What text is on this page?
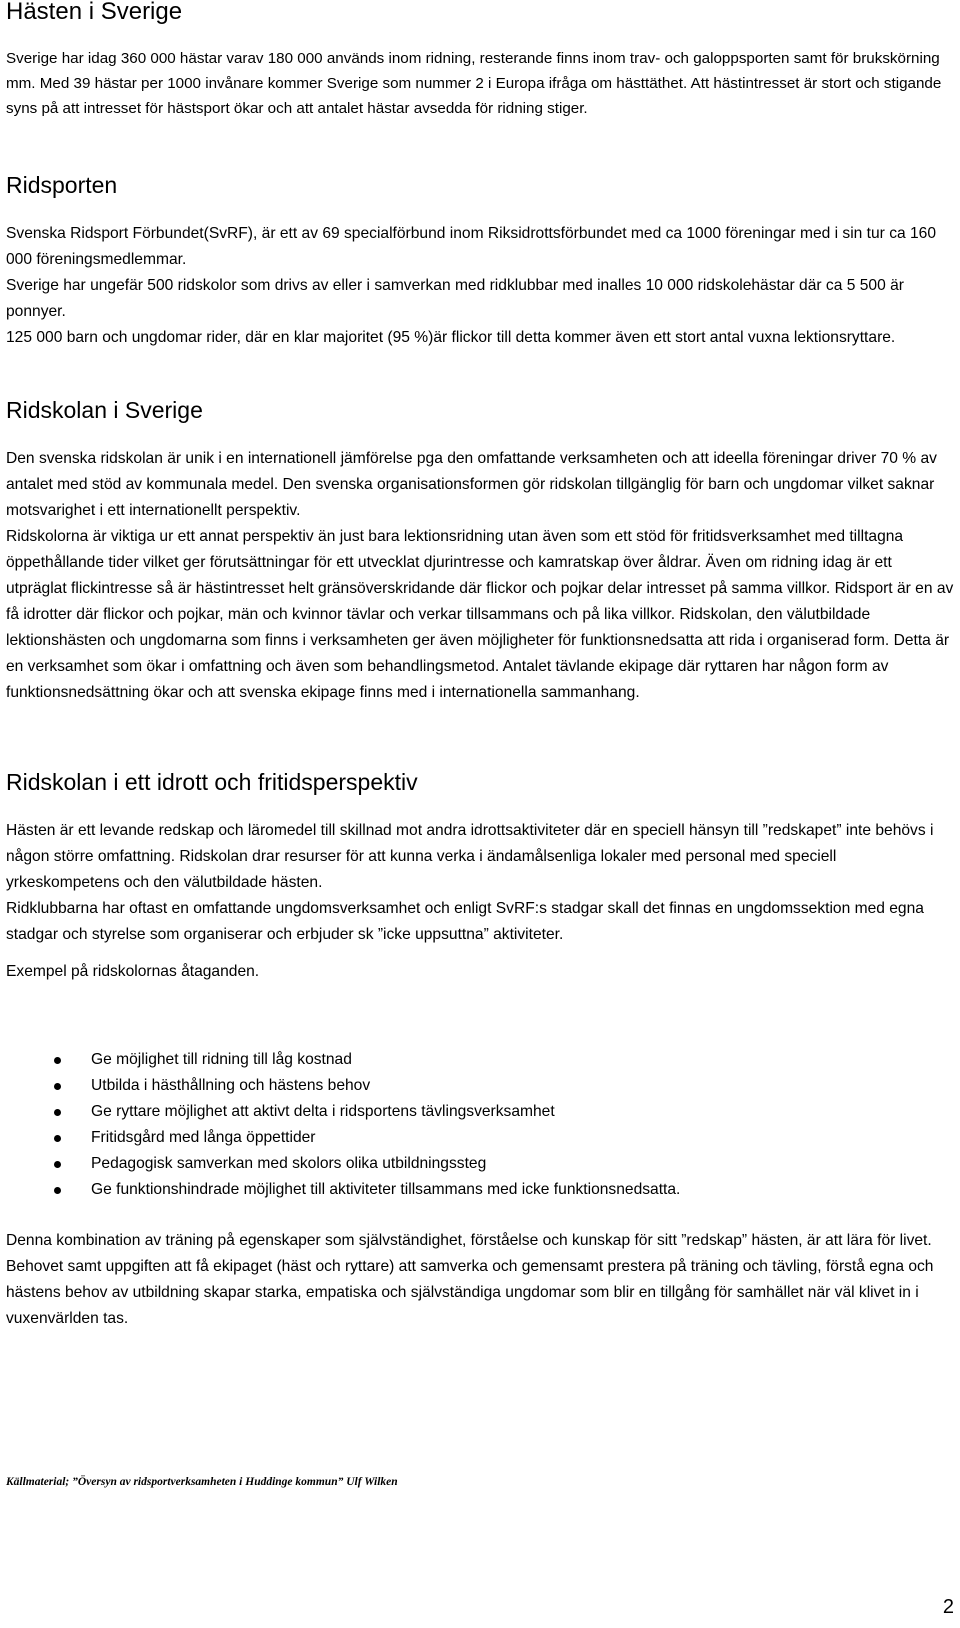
Hästen i Sverige

Sverige har idag 360 000 hästar varav 180 000 används inom ridning, resterande finns inom trav- och galoppsporten samt för brukskörning mm. Med 39 hästar per 1000 invånare kommer Sverige som nummer 2 i Europa ifråga om hästtäthet. Att hästintresset är stort och stigande syns på att intresset för hästsport ökar och att antalet hästar avsedda för ridning stiger.

Ridsporten

Svenska Ridsport Förbundet(SvRF), är ett av 69 specialförbund inom Riksidrottsförbundet med ca 1000 föreningar med i sin tur ca 160 000 föreningsmedlemmar.

Sverige har ungefär 500 ridskolor som drivs av eller i samverkan med ridklubbar med inalles 10 000 ridskolehästar där ca 5 500 är ponnyer.

125 000 barn och ungdomar rider, där en klar majoritet (95 %)är flickor till detta kommer även ett stort antal vuxna lektionsryttare.

Ridskolan i Sverige

Den svenska ridskolan är unik i en internationell jämförelse pga den omfattande verksamheten och att ideella föreningar driver 70 % av antalet med stöd av kommunala medel. Den svenska organisationsformen gör ridskolan tillgänglig för barn och ungdomar vilket saknar motsvarighet i ett internationellt perspektiv.

Ridskolorna är viktiga ur ett annat perspektiv än just bara lektionsridning utan även som ett stöd för fritidsverksamhet med tilltagna öppethållande tider vilket ger förutsättningar för ett utvecklat djurintresse och kamratskap över åldrar. Även om ridning idag är ett utpräglat flickintresse så är hästintresset helt gränsöverskridande där flickor och pojkar delar intresset på samma villkor. Ridsport är en av få idrotter där flickor och pojkar, män och kvinnor tävlar och verkar tillsammans och på lika villkor. Ridskolan, den välutbildade lektionshästen och ungdomarna som finns i verksamheten ger även möjligheter för funktionsnedsatta att rida i organiserad form. Detta är en verksamhet som ökar i omfattning och även som behandlingsmetod. Antalet tävlande ekipage där ryttaren har någon form av funktionsnedsättning ökar och att svenska ekipage finns med i internationella sammanhang.

Ridskolan i ett idrott och fritidsperspektiv

Hästen är ett levande redskap och läromedel till skillnad mot andra idrottsaktiviteter där en speciell hänsyn till ”redskapet” inte behövs i någon större omfattning. Ridskolan drar resurser för att kunna verka i ändamålsenliga lokaler med personal med speciell yrkeskompetens och den välutbildade hästen.

Ridklubbarna har oftast en omfattande ungdomsverksamhet och enligt SvRF:s stadgar skall det finnas en ungdomssektion med egna stadgar och styrelse som organiserar och erbjuder sk ”icke uppsuttna” aktiviteter.

Exempel på ridskolornas åtaganden.

Ge möjlighet till ridning till låg kostnad
Utbilda i hästhållning och hästens behov
Ge ryttare möjlighet att aktivt delta i ridsportens tävlingsverksamhet
Fritidsgård med långa öppettider
Pedagogisk samverkan med skolors olika utbildningssteg
Ge funktionshindrade möjlighet till aktiviteter tillsammans med icke funktionsnedsatta.

Denna kombination av träning på egenskaper som självständighet, förståelse och kunskap för sitt ”redskap” hästen, är att lära för livet. Behovet samt uppgiften att få ekipaget (häst och ryttare) att samverka och gemensamt prestera på träning och tävling, förstå egna och hästens behov av utbildning skapar starka, empatiska och självständiga ungdomar som blir en tillgång för samhället när väl klivet in i vuxenvärlden tas.

Källmaterial; ”Översyn av ridsportverksamheten i Huddinge kommun” Ulf Wilken

2
